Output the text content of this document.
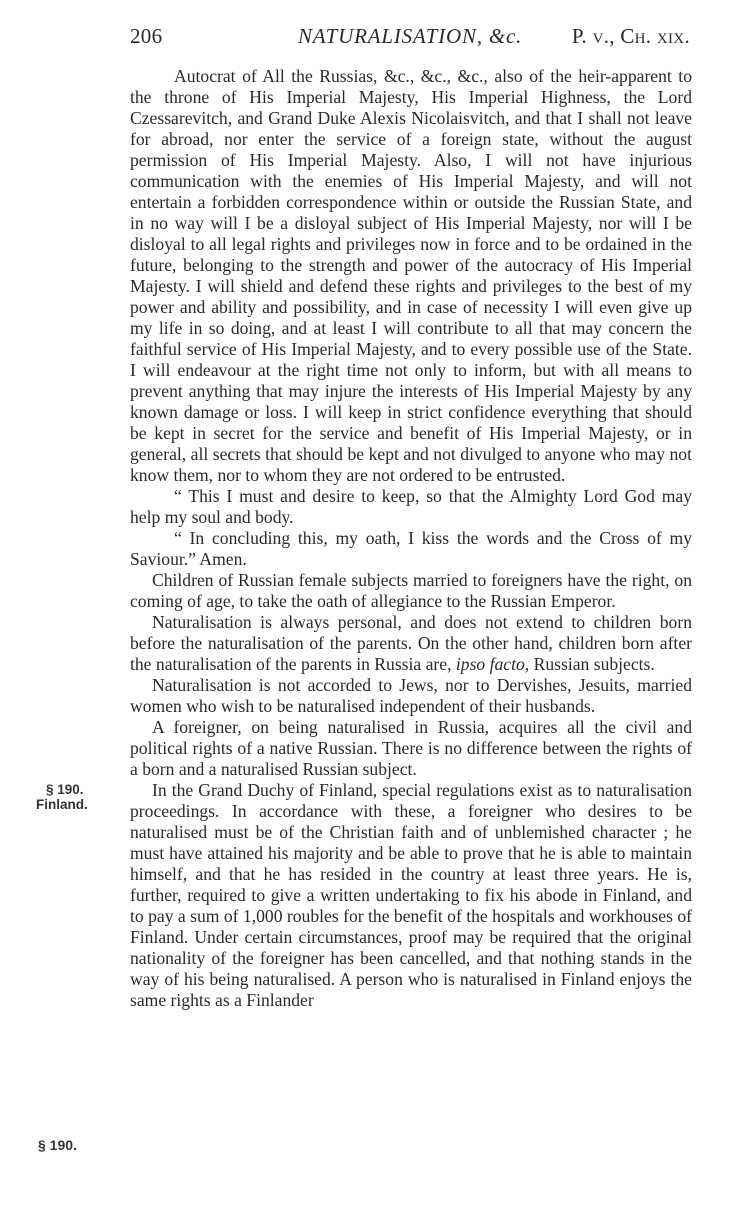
206	NATURALISATION, &c. P. v., Ch. xix.

Autocrat of All the Russias, &c., &c., &c., also of the heir-apparent to the throne of His Imperial Majesty, His Imperial Highness, the Lord Czessarevitch, and Grand Duke Alexis Nicolaisvitch, and that I shall not leave for abroad, nor enter the service of a foreign state, without the august permission of His Imperial Majesty. Also, I will not have injurious communication with the enemies of His Imperial Majesty, and will not entertain a forbidden correspondence within or outside the Russian State, and in no way will I be a disloyal subject of His Imperial Majesty, nor will I be disloyal to all legal rights and privileges now in force and to be ordained in the future, belonging to the strength and power of the autocracy of His Imperial Majesty. I will shield and defend these rights and privileges to the best of my power and ability and possibility, and in case of necessity I will even give up my life in so doing, and at least I will contribute to all that may concern the faithful service of His Imperial Majesty, and to every possible use of the State. I will endeavour at the right time not only to inform, but with all means to prevent anything that may injure the interests of His Imperial Majesty by any known damage or loss. I will keep in strict confidence everything that should be kept in secret for the service and benefit of His Imperial Majesty, or in general, all secrets that should be kept and not divulged to anyone who may not know them, nor to whom they are not ordered to be entrusted.

“ This I must and desire to keep, so that the Almighty Lord God may help my soul and body.

“ In concluding this, my oath, I kiss the words and the Cross of my Saviour.” Amen.

Children of Russian female subjects married to foreigners have the right, on coming of age, to take the oath of allegiance to the Russian Emperor.

Naturalisation is always personal, and does not extend to children born before the naturalisation of the parents. On the other hand, children born after the naturalisation of the parents in Russia are, ipso facto, Russian subjects.

Naturalisation is not accorded to Jews, nor to Dervishes, Jesuits, married women who wish to be naturalised independent of their husbands.

A foreigner, on being naturalised in Russia, acquires all the civil and political rights of a native Russian. There is no difference between the rights of a born and a naturalised Russian subject.

In the Grand Duchy of Finland, special regulations exist as to naturalisation proceedings. In accordance with these, a foreigner who desires to be naturalised must be of the Christian faith and of unblemished character ; he must have attained his majority and be able to prove that he is able to maintain himself, and that he has resided in the country at least three years. He is, further, required to give a written undertaking to fix his abode in Finland, and to pay a sum of 1,000 roubles for the benefit of the hospitals and workhouses of Finland. Under certain circumstances, proof may be required that the original nationality of the foreigner has been cancelled, and that nothing stands in the way of his being naturalised. A person who is naturalised in Finland enjoys the same rights as a Finlander

§ 190.
Finland.
§ 190.
